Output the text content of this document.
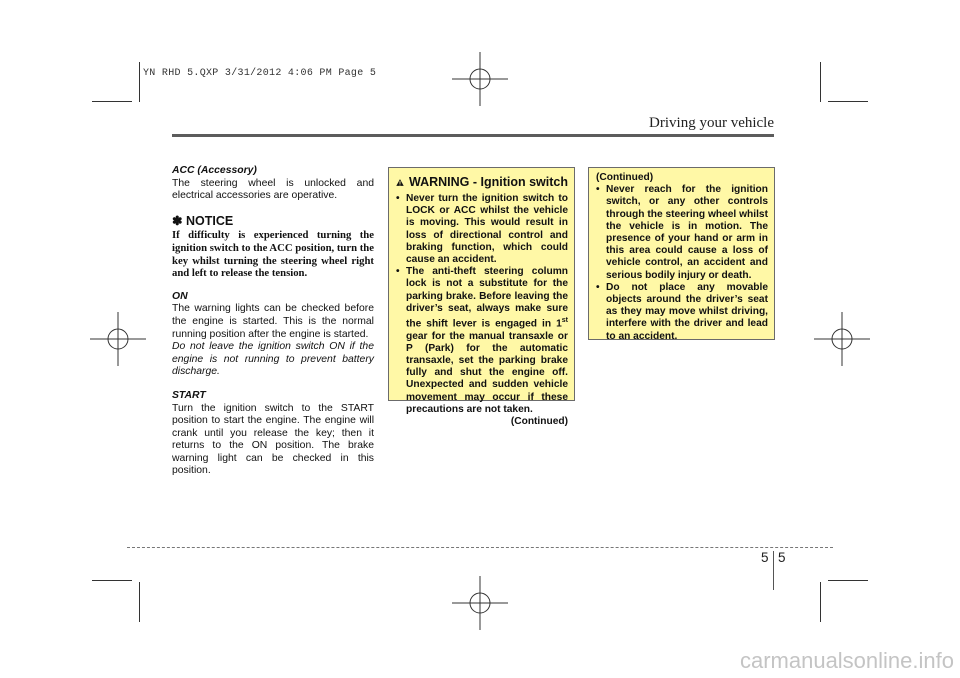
YN RHD 5.QXP 3/31/2012 4:06 PM Page 5
Driving your vehicle

ACC (Accessory)

The steering wheel is unlocked and electrical accessories are operative.

✽ NOTICE

If difficulty is experienced turning the ignition switch to the ACC position, turn the key whilst turning the steering wheel right and left to release the tension.

ON

The warning lights can be checked before the engine is started. This is the normal running position after the engine is started.

Do not leave the ignition switch ON if the engine is not running to prevent battery discharge.

START

Turn the ignition switch to the START position to start the engine. The engine will crank until you release the key; then it returns to the ON position. The brake warning light can be checked in this position.

WARNING - Ignition switch
• Never turn the ignition switch to LOCK or ACC whilst the vehicle is moving. This would result in loss of directional control and braking function, which could cause an accident.
• The anti-theft steering column lock is not a substitute for the parking brake. Before leaving the driver’s seat, always make sure the shift lever is engaged in 1st gear for the manual transaxle or P (Park) for the automatic transaxle, set the parking brake fully and shut the engine off. Unexpected and sudden vehicle movement may occur if these precautions are not taken.
(Continued)
(Continued)
• Never reach for the ignition switch, or any other controls through the steering wheel whilst the vehicle is in motion. The presence of your hand or arm in this area could cause a loss of vehicle control, an accident and serious bodily injury or death.
• Do not place any movable objects around the driver’s seat as they may move whilst driving, interfere with the driver and lead to an accident.
5 5
carmanualsonline.info
